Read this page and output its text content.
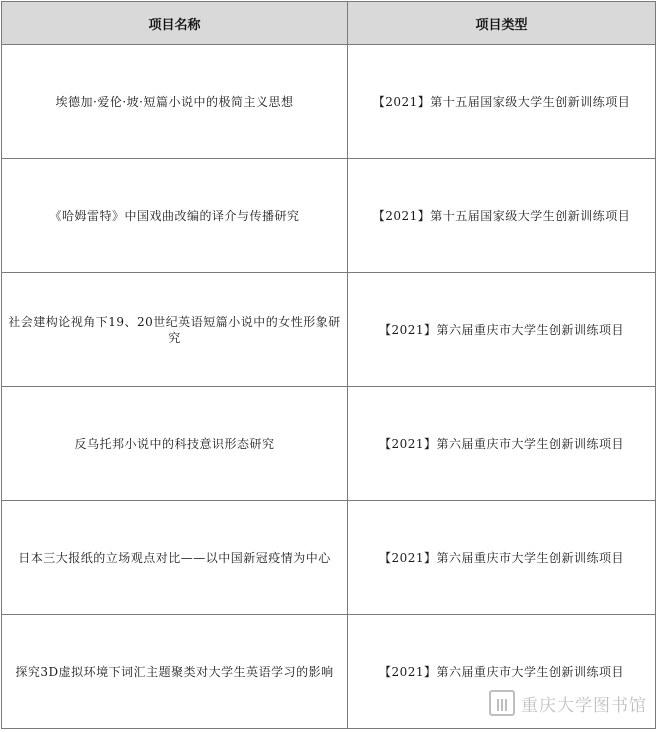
项目名称	项目类型
埃德加·爱伦·坡·短篇小说中的极简主义思想	【2021】第十五届国家级大学生创新训练项目
《哈姆雷特》中国戏曲改编的译介与传播研究	【2021】第十五届国家级大学生创新训练项目
社会建构论视角下19、20世纪英语短篇小说中的女性形象研究	【2021】第六届重庆市大学生创新训练项目
反乌托邦小说中的科技意识形态研究	【2021】第六届重庆市大学生创新训练项目
日本三大报纸的立场观点对比——以中国新冠疫情为中心	【2021】第六届重庆市大学生创新训练项目
探究3D虚拟环境下词汇主题聚类对大学生英语学习的影响	【2021】第六届重庆市大学生创新训练项目
重庆大学图书馆
